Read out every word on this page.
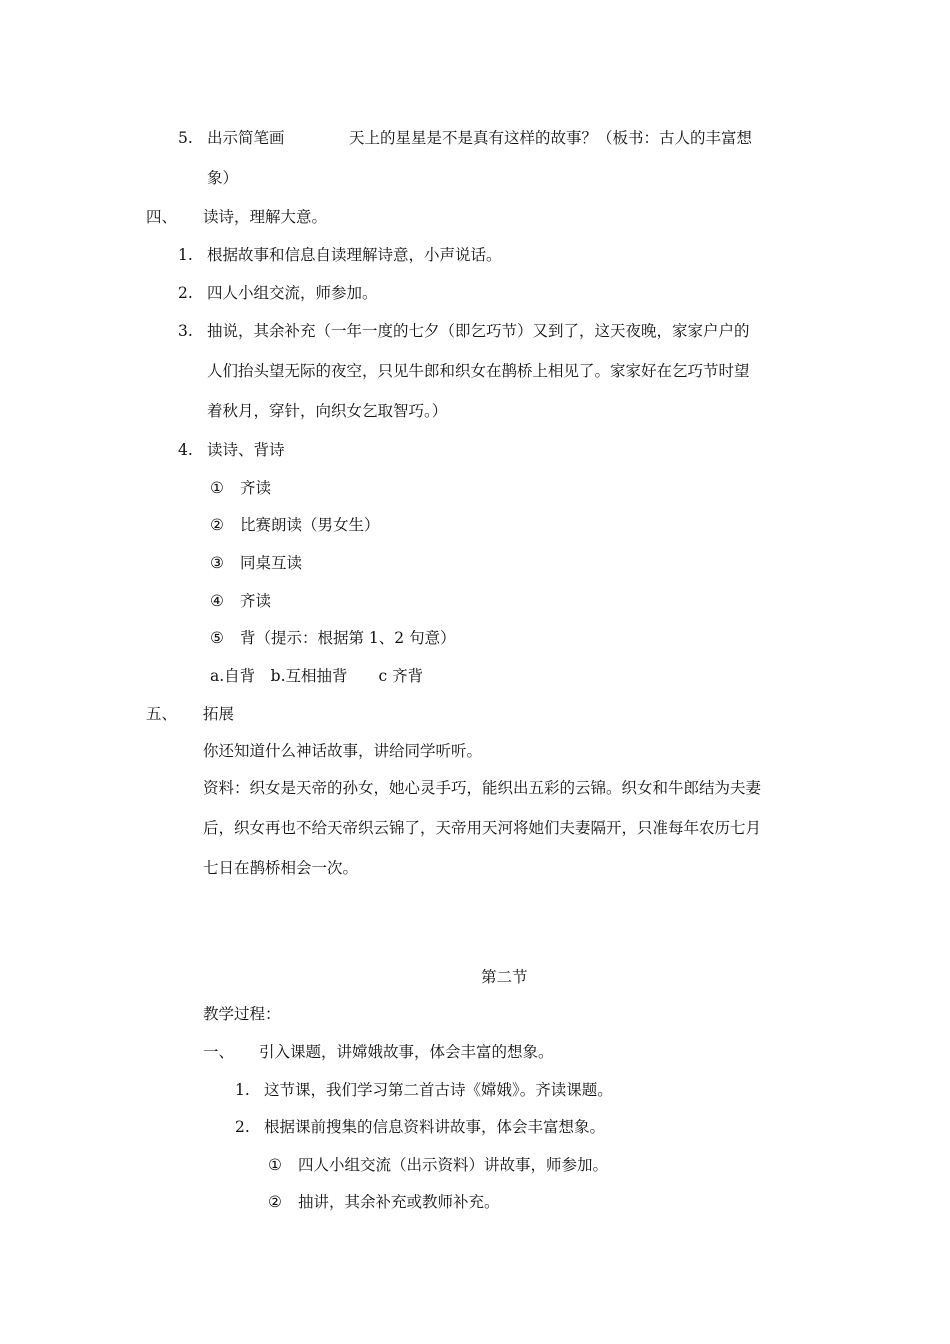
5. 出示简笔画	天上的星星是不是真有这样的故事？（板书：古人的丰富想
象）
四、 读诗，理解大意。
1. 根据故事和信息自读理解诗意，小声说话。
2. 四人小组交流，师参加。
3. 抽说，其余补充（一年一度的七夕（即乞巧节）又到了，这天夜晚，家家户户的
人们抬头望无际的夜空，只见牛郎和织女在鹊桥上相见了。家家好在乞巧节时望
着秋月，穿针，向织女乞取智巧。）
4. 读诗、背诗
① 齐读
② 比赛朗读（男女生）
③ 同桌互读
④ 齐读
⑤ 背（提示：根据第 1、2 句意）
a.自背　b.互相抽背　　c 齐背
五、 拓展
你还知道什么神话故事，讲给同学听听。
资料：织女是天帝的孙女，她心灵手巧，能织出五彩的云锦。织女和牛郎结为夫妻
后，织女再也不给天帝织云锦了，天帝用天河将她们夫妻隔开，只准每年农历七月
七日在鹊桥相会一次。
第二节
教学过程：
一、 引入课题，讲嫦娥故事，体会丰富的想象。
1. 这节课，我们学习第二首古诗《嫦娥》。齐读课题。
2. 根据课前搜集的信息资料讲故事，体会丰富想象。
① 四人小组交流（出示资料）讲故事，师参加。
② 抽讲，其余补充或教师补充。
